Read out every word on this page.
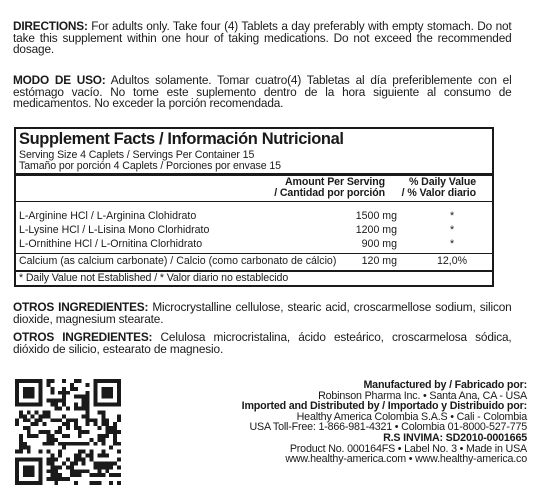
DIRECTIONS: For adults only. Take four (4) Tablets a day preferably with empty stomach. Do not take this supplement within one hour of taking medications. Do not exceed the recommended dosage.
MODO DE USO: Adultos solamente. Tomar cuatro(4) Tabletas al día preferiblemente con el estómago vacío. No tome este suplemento dentro de la hora siguiente al consumo de medicamentos. No exceder la porción recomendada.
Supplement Facts / Información Nutricional
Serving Size 4 Caplets / Servings Per Container 15
Tamaño por porción 4 Caplets / Porciones por envase 15
Amount Per Serving
/ Cantidad por porción
% Daily Value
/ % Valor diario
L-Arginine HCl / L-Arginina Clohidrato	1500 mg	*
L-Lysine HCl / L-Lisina Mono Clorhidrato	1200 mg	*
L-Ornithine HCl / L-Ornitina Clorhidrato	900 mg	*
Calcium (as calcium carbonate) / Calcio (como carbonato de cálcio) 120 mg	12,0%
* Daily Value not Established / * Valor diario no establecido
OTROS INGREDIENTES: Microcrystalline cellulose, stearic acid, croscarmellose sodium, silicon dioxide, magnesium stearate.
OTROS INGREDIENTES: Celulosa microcristalina, ácido esteárico, croscarmelosa sódica, dióxido de silicio, estearato de magnesio.
Manufactured by / Fabricado por:
Robinson Pharma Inc. • Santa Ana, CA - USA
Imported and Distributed by / Importado y Distribuido por:
Healthy America Colombia S.A.S • Cali - Colombia
USA Toll-Free: 1-866-981-4321 • Colombia 01-8000-527-775
R.S INVIMA: SD2010-0001665
Product No. 000164FS • Label No. 3 • Made in USA
www.healthy-america.com • www.healthy-america.co
